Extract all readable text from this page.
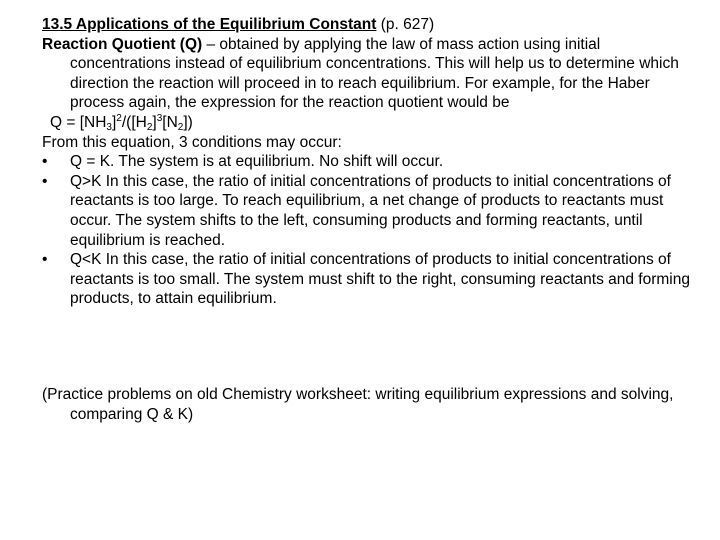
13.5 Applications of the Equilibrium Constant (p. 627)

Reaction Quotient (Q) – obtained by applying the law of mass action using initial concentrations instead of equilibrium concentrations. This will help us to determine which direction the reaction will proceed in to reach equilibrium. For example, for the Haber process again, the expression for the reaction quotient would be

$Q = [NH_3]^2/([H_2]^3[N_2])$

From this equation, 3 conditions may occur:

•	Q = K. The system is at equilibrium. No shift will occur.
•	Q>K In this case, the ratio of initial concentrations of products to initial concentrations of reactants is too large. To reach equilibrium, a net change of products to reactants must occur. The system shifts to the left, consuming products and forming reactants, until equilibrium is reached.
•	Q<K In this case, the ratio of initial concentrations of products to initial concentrations of reactants is too small. The system must shift to the right, consuming reactants and forming products, to attain equilibrium.

(Practice problems on old Chemistry worksheet: writing equilibrium expressions and solving, comparing Q & K)
